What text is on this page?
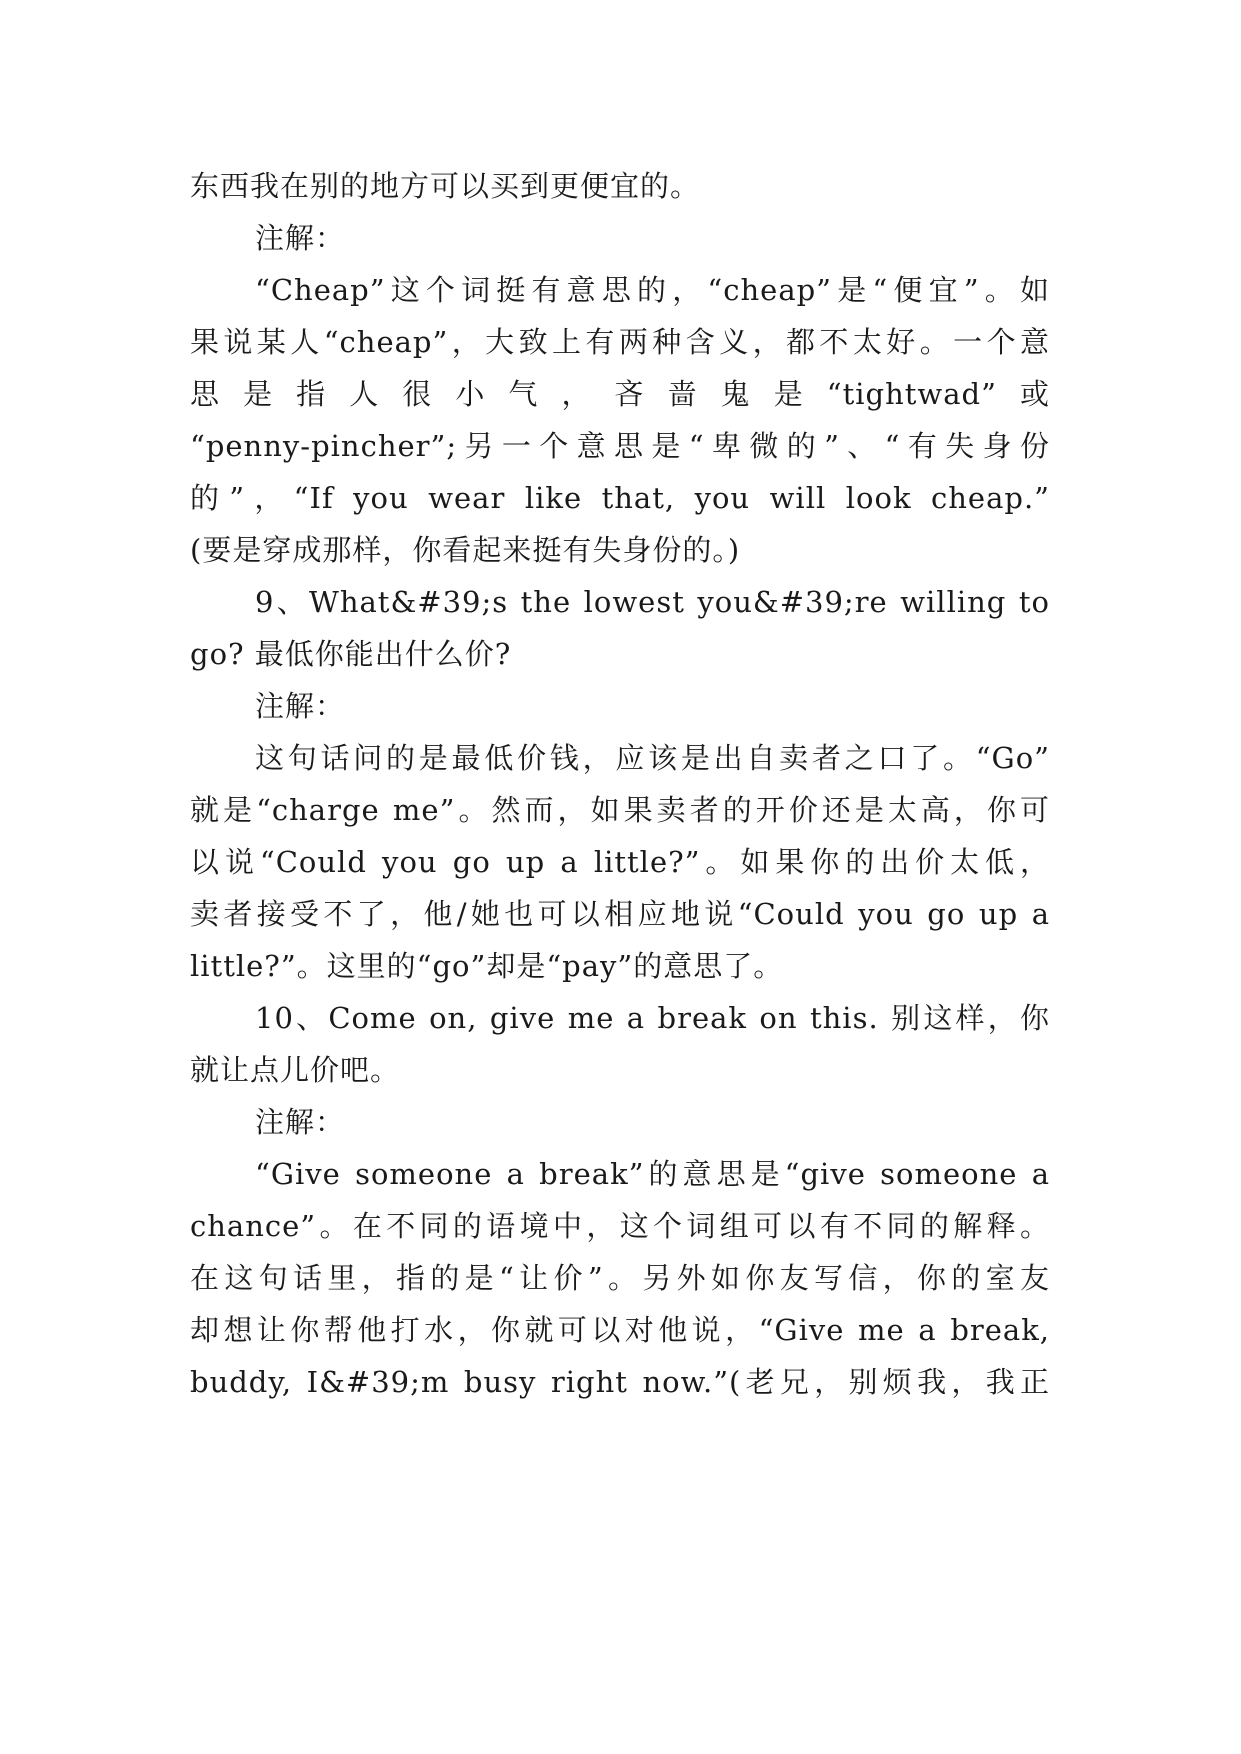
东西我在别的地方可以买到更便宜的。
注解：
“Cheap”这个词挺有意思的，“cheap”是“便宜”。如
果说某人“cheap”，大致上有两种含义，都不太好。一个意
思是指人很小气，吝啬鬼是“tightwad”或
“penny-pincher”;另一个意思是“卑微的”、“有失身份
的”，“If you wear like that, you will look cheap.”
(要是穿成那样，你看起来挺有失身份的。)
9、What&#39;s the lowest you&#39;re willing to
go? 最低你能出什么价?
注解：
这句话问的是最低价钱，应该是出自卖者之口了。“Go”
就是“charge me”。然而，如果卖者的开价还是太高，你可
以说“Could you go up a little?”。如果你的出价太低，
卖者接受不了，他/她也可以相应地说“Could you go up a
little?”。这里的“go”却是“pay”的意思了。
10、Come on, give me a break on this. 别这样，你
就让点儿价吧。
注解：
“Give someone a break”的意思是“give someone a
chance”。在不同的语境中，这个词组可以有不同的解释。
在这句话里，指的是“让价”。另外如你友写信，你的室友
却想让你帮他打水，你就可以对他说，“Give me a break,
buddy, I&#39;m busy right now.”(老兄，别烦我，我正
